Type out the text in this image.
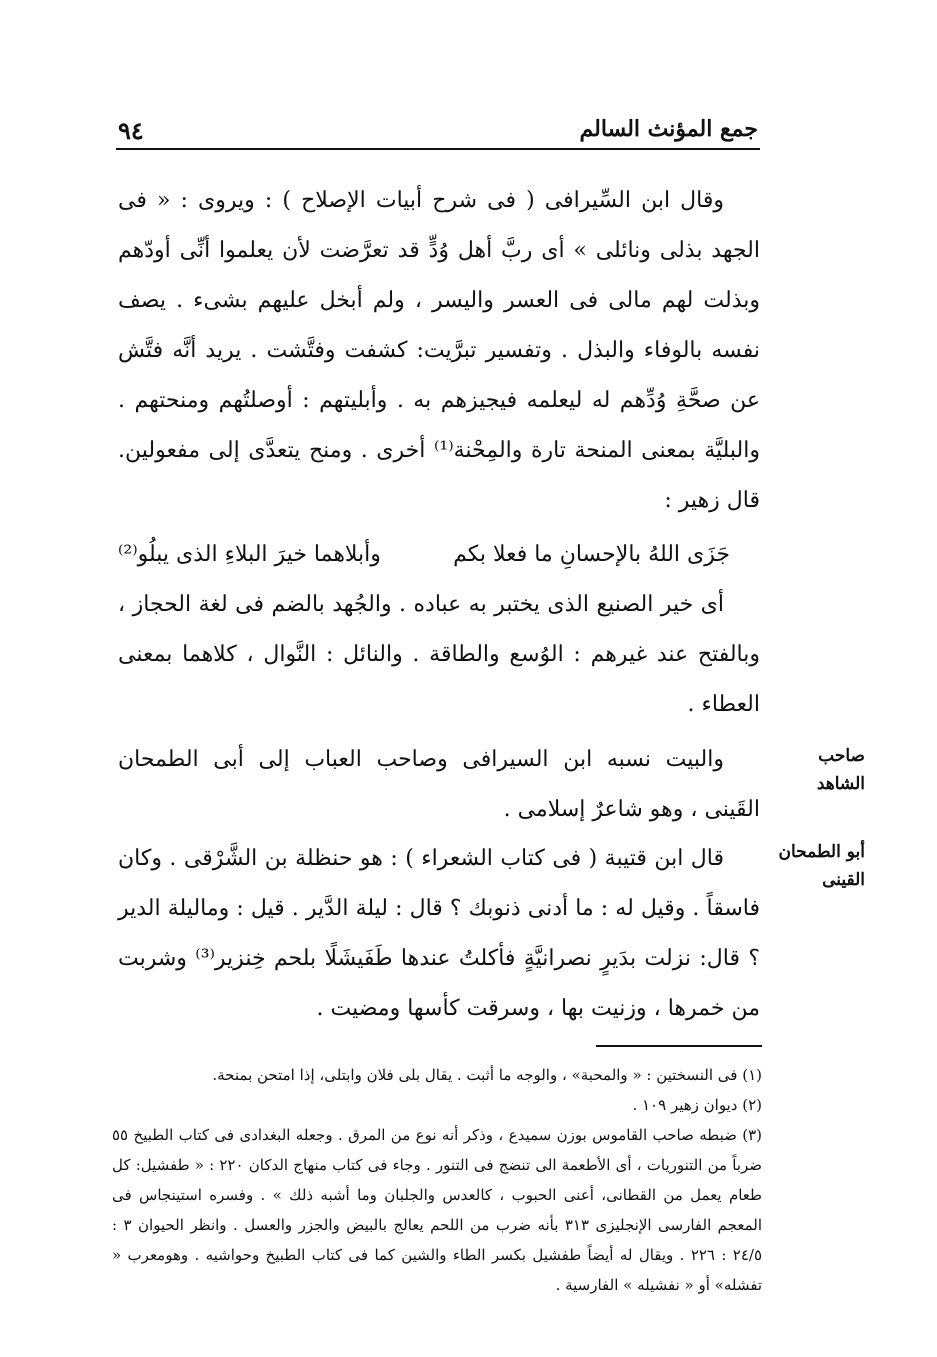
٩٤	جمع المؤنث السالم

وقال ابن السِّيرافى ( فى شرح أبيات الإصلاح ) : ويروى : « فى الجهد بذلى ونائلى » أى ربَّ أهل وُدٍّ قد تعرَّضت لأن يعلموا أنِّى أودّهم وبذلت لهم مالى فى العسر واليسر ، ولم أبخل عليهم بشىء . يصف نفسه بالوفاء والبذل . وتفسير تبرَّيت: كشفت وفتَّشت . يريد أنَّه فتَّش عن صحَّةِ وُدِّهم له ليعلمه فيجيزهم به . وأبليتهم : أوصلتُهم ومنحتهم . والبليَّة بمعنى المنحة تارة والمِحْنة⁽¹⁾ أخرى . ومنح يتعدَّى إلى مفعولين. قال زهير :

جَزَى اللهُ بالإحسانِ ما فعلا بكم
وأبلاهما خيرَ البلاءِ الذى يبلُو⁽²⁾

أى خير الصنيع الذى يختبر به عباده . والجُهد بالضم فى لغة الحجاز ، وبالفتح عند غيرهم : الوُسع والطاقة . والنائل : النَّوال ، كلاهما بمعنى العطاء .

والبيت نسبه ابن السيرافى وصاحب العباب إلى أبى الطمحان القَينى ، وهو شاعرٌ إسلامى .

صاحب الشاهد

قال ابن قتيبة ( فى كتاب الشعراء ) : هو حنظلة بن الشَّرْقى . وكان فاسقاً . وقيل له : ما أدنى ذنوبك ؟ قال : ليلة الدَّير . قيل : وماليلة الدير ؟ قال: نزلت بدَيرٍ نصرانيَّةٍ فأكلتُ عندها طَفَيشَلًا بلحم خِنزير⁽³⁾ وشربت من خمرها ، وزنيت بها ، وسرقت كأسها ومضيت .

أبو الطمحان
القينى

(١) فى النسختين : « والمحبة» ، والوجه ما أثبت . يقال بلى فلان وابتلى، إذا امتحن بمنحة.

(٢) ديوان زهير ١٠٩ .

(٣) ضبطه صاحب القاموس بوزن سميدع ، وذكر أنه نوع من المرق . وجعله البغدادى فى كتاب الطبيخ ٥٥ ضرباً من التنوريات ، أى الأطعمة الى تنضج فى التنور . وجاء فى كتاب منهاج الدكان ٢٢٠ : « طفشيل: كل طعام يعمل من القطانى، أعنى الحبوب ، كالعدس والجلبان وما أشبه ذلك » . وفسره استينجاس فى المعجم الفارسى الإنجليزى ٣١٣ بأنه ضرب من اللحم يعالج بالبيض والجزر والعسل . وانظر الحيوان ٣ : ٢٤/٥ : ٢٢٦ . ويقال له أيضاً طفشيل بكسر الطاء والشين كما فى كتاب الطبيخ وحواشيه . وهومعرب « تفشله» أو « نفشيله » الفارسية .
